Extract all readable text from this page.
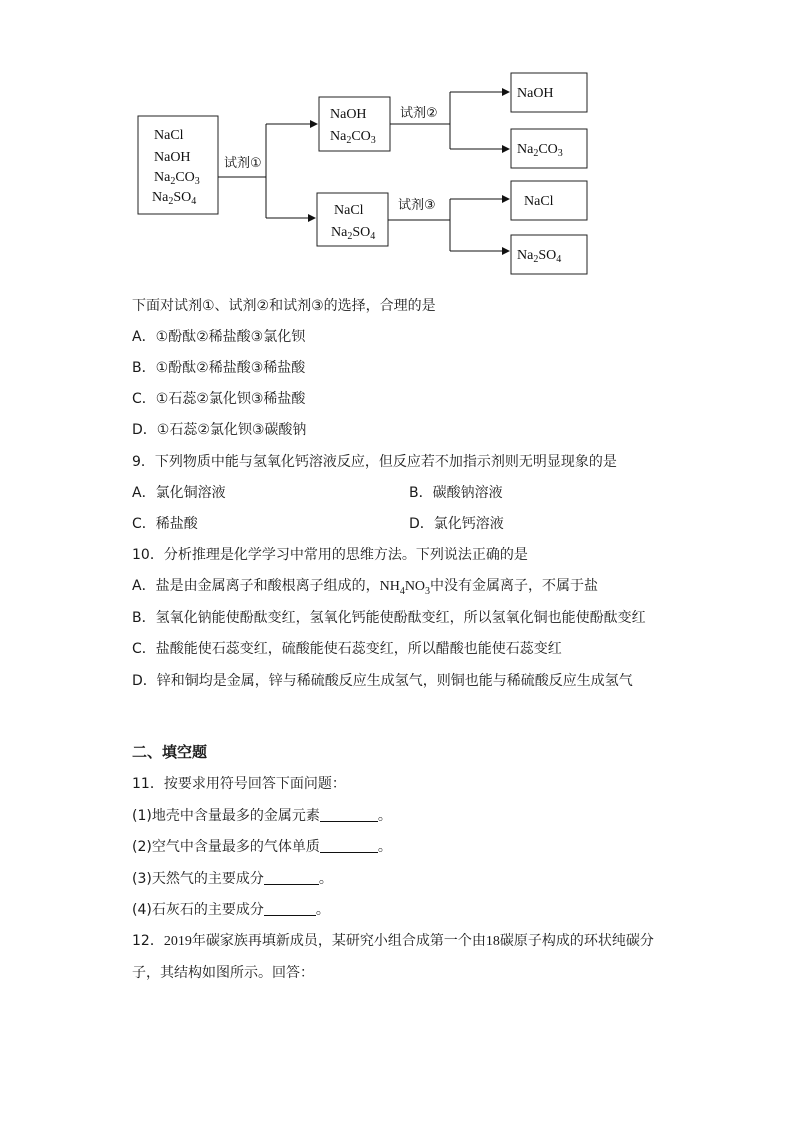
NaCl
NaOH
$Na_2CO_3$
$Na_2SO_4$
试剂①
试剂②
试剂③
NaOH
$Na_2CO_3$
NaCl
$Na_2SO_4$
NaOH
$Na_2CO_3$
NaCl
$Na_2SO_4$
下面对试剂①、试剂②和试剂③的选择，合理的是
A．①酚酞②稀盐酸③氯化钡
B．①酚酞②稀盐酸③稀盐酸
C．①石蕊②氯化钡③稀盐酸
D．①石蕊②氯化钡③碳酸钠
9．下列物质中能与氢氧化钙溶液反应，但反应若不加指示剂则无明显现象的是
A．氯化铜溶液	B．碳酸钠溶液
C．稀盐酸	D．氯化钙溶液
10．分析推理是化学学习中常用的思维方法。下列说法正确的是
A．盐是由金属离子和酸根离子组成的，$NH_4NO_3$中没有金属离子，不属于盐
B．氢氧化钠能使酚酞变红，氢氧化钙能使酚酞变红，所以氢氧化铜也能使酚酞变红
C．盐酸能使石蕊变红，硫酸能使石蕊变红，所以醋酸也能使石蕊变红
D．锌和铜均是金属，锌与稀硫酸反应生成氢气，则铜也能与稀硫酸反应生成氢气
二、填空题
11．按要求用符号回答下面问题：
(1)地壳中含量最多的金属元素	。
(2)空气中含量最多的气体单质	。
(3)天然气的主要成分	。
(4)石灰石的主要成分	。
12．2019年碳家族再填新成员，某研究小组合成第一个由18碳原子构成的环状纯碳分
子，其结构如图所示。回答：
